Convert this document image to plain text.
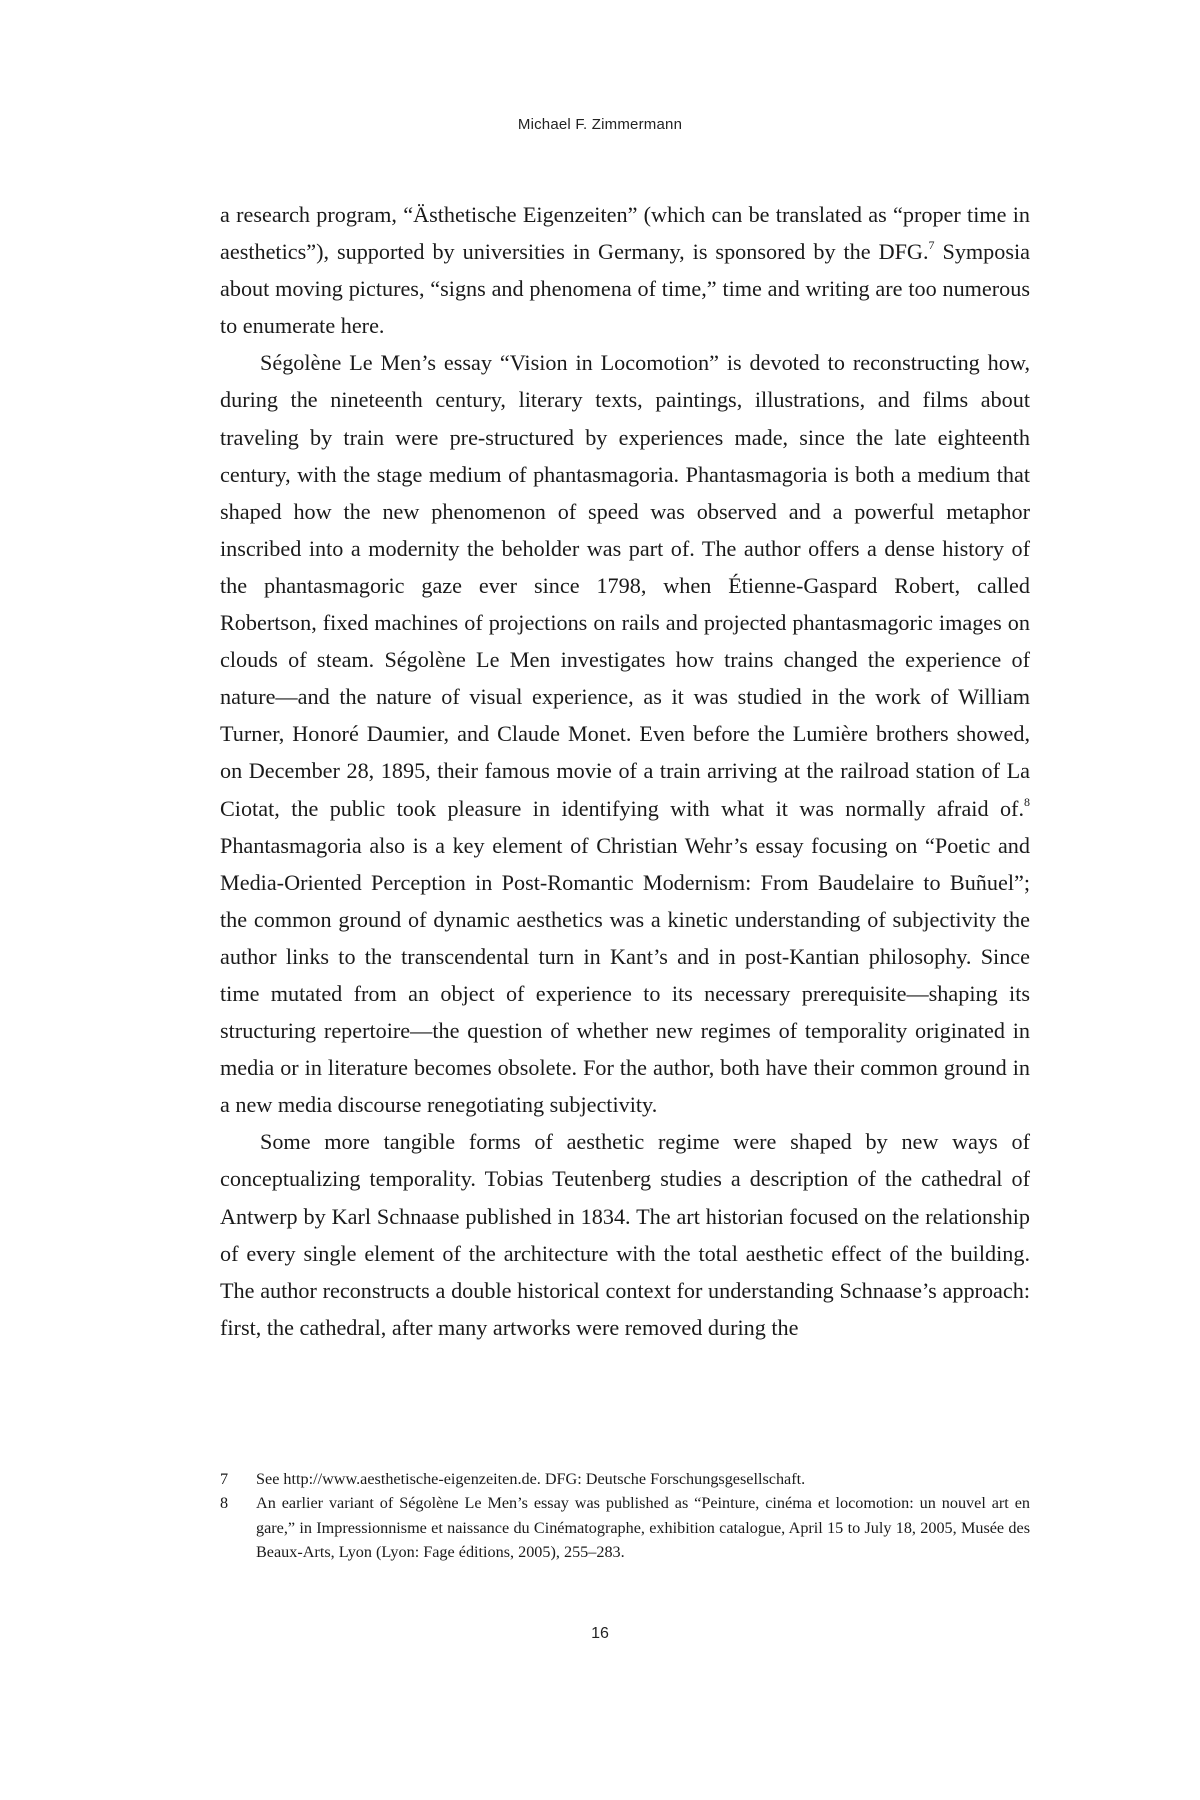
Michael F. Zimmermann

a research program, “Ästhetische Eigenzeiten” (which can be translated as “proper time in aesthetics”), supported by universities in Germany, is sponsored by the DFG.$^7$ Symposia about moving pictures, “signs and phenomena of time,” time and writing are too numerous to enumerate here.

Ségolène Le Men’s essay “Vision in Locomotion” is devoted to reconstructing how, during the nineteenth century, literary texts, paintings, illustrations, and films about traveling by train were pre-structured by experiences made, since the late eighteenth century, with the stage medium of phantasmagoria. Phantasmagoria is both a medium that shaped how the new phenomenon of speed was observed and a powerful metaphor inscribed into a modernity the beholder was part of. The author offers a dense history of the phantasmagoric gaze ever since 1798, when Étienne-Gaspard Robert, called Robertson, fixed machines of projections on rails and projected phantasmagoric images on clouds of steam. Ségolène Le Men investigates how trains changed the experience of nature—and the nature of visual experience, as it was studied in the work of William Turner, Honoré Daumier, and Claude Monet. Even before the Lumière brothers showed, on December 28, 1895, their famous movie of a train arriving at the railroad station of La Ciotat, the public took pleasure in identifying with what it was normally afraid of.$^8$ Phantasmagoria also is a key element of Christian Wehr’s essay focusing on “Poetic and Media-Oriented Perception in Post-Romantic Modernism: From Baudelaire to Buñuel”; the common ground of dynamic aesthetics was a kinetic understanding of subjectivity the author links to the transcendental turn in Kant’s and in post-Kantian philosophy. Since time mutated from an object of experience to its necessary prerequisite—shaping its structuring repertoire—the question of whether new regimes of temporality originated in media or in literature becomes obsolete. For the author, both have their common ground in a new media discourse renegotiating subjectivity.

Some more tangible forms of aesthetic regime were shaped by new ways of conceptualizing temporality. Tobias Teutenberg studies a description of the cathedral of Antwerp by Karl Schnaase published in 1834. The art historian focused on the relationship of every single element of the architecture with the total aesthetic effect of the building. The author reconstructs a double historical context for understanding Schnaase’s approach: first, the cathedral, after many artworks were removed during the

7	See http://www.aesthetische-eigenzeiten.de. DFG: Deutsche Forschungsgesellschaft.
8	An earlier variant of Ségolène Le Men’s essay was published as “Peinture, cinéma et locomotion: un nouvel art en gare,” in Impressionnisme et naissance du Cinématographe, exhibition catalogue, April 15 to July 18, 2005, Musée des Beaux-Arts, Lyon (Lyon: Fage éditions, 2005), 255–283.
16
